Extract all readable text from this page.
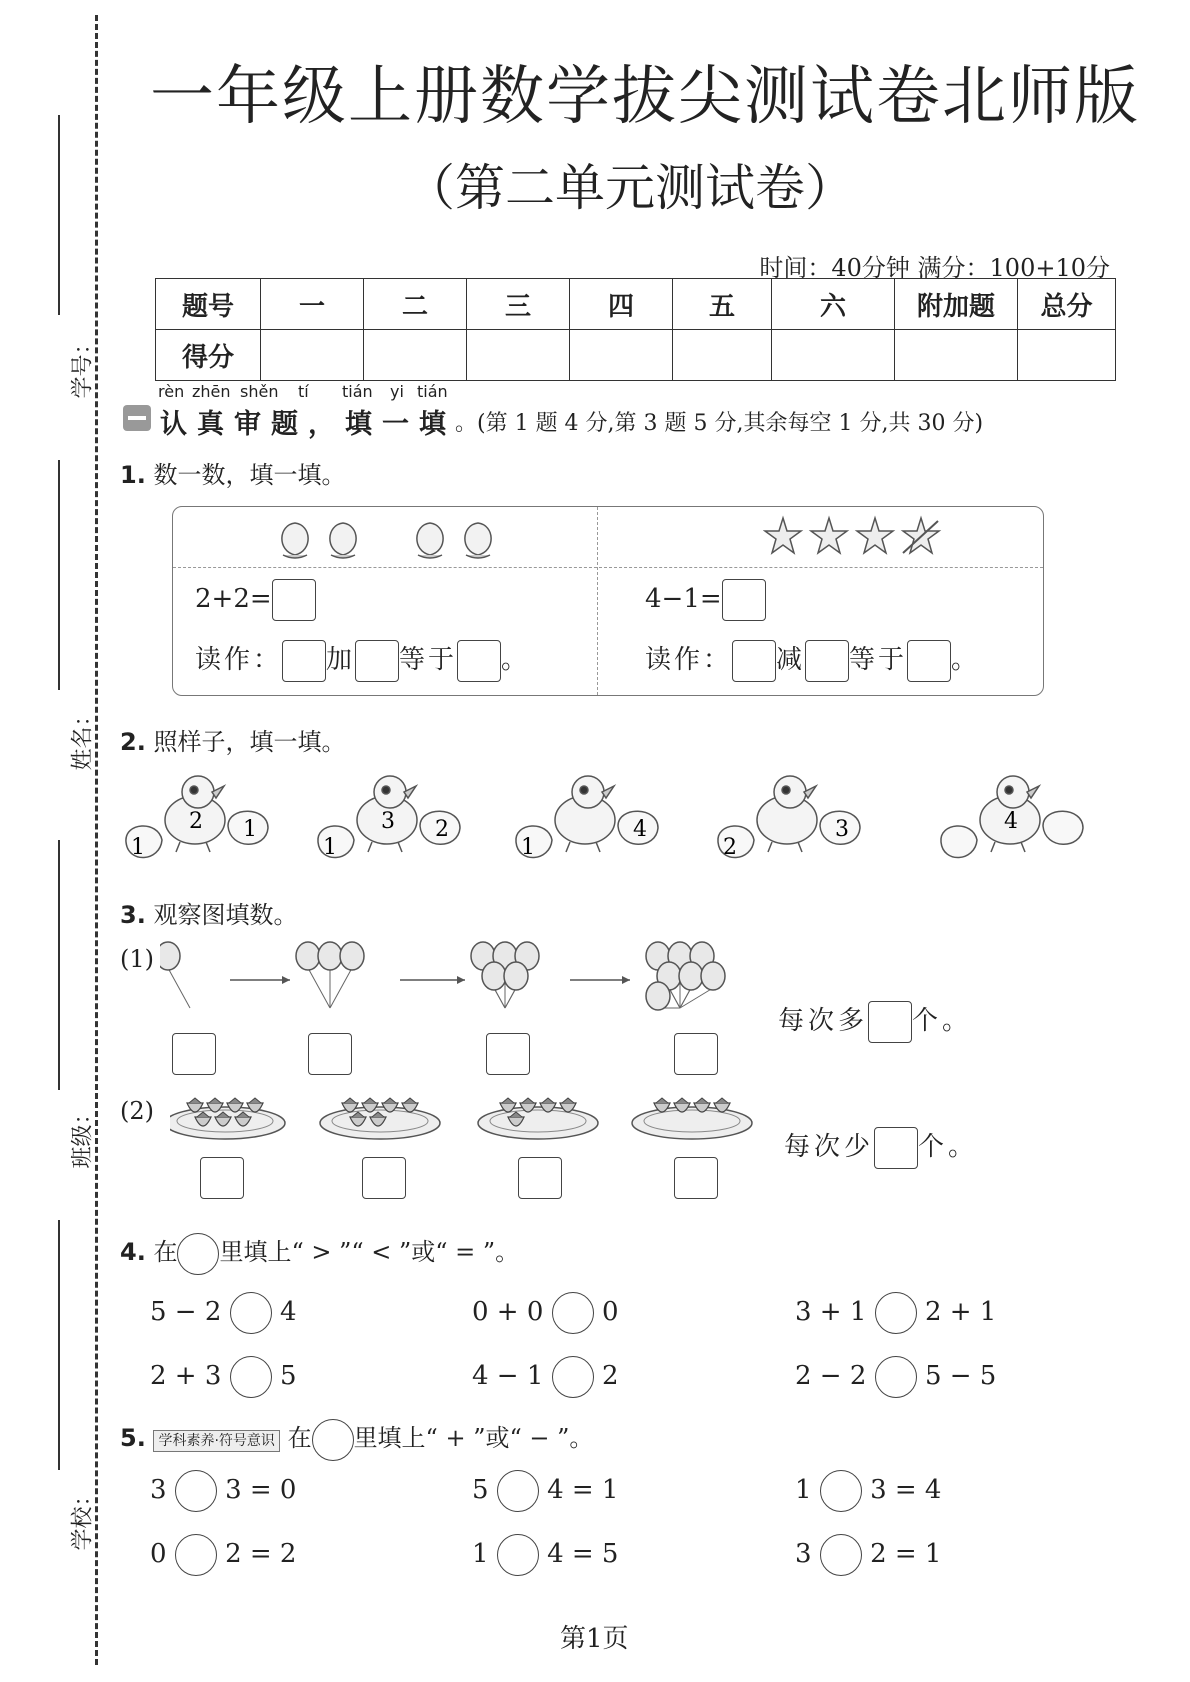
学号：
姓名：
班级：
学校：
一年级上册数学拔尖测试卷北师版
（第二单元测试卷）
时间：40分钟 满分：100+10分
题号	一	二	三	四	五	六	附加题	总分
得分								
rèn zhēn shěn tí tián yi tián
认真审题，填一填 。(第 1 题 4 分,第 3 题 5 分,其余每空 1 分,共 30 分)
1. 数一数，填一填。
2+2=
读作： 加 等于 。
4−1=
读作： 减 等于 。
2. 照样子，填一填。
2
1
1	3
1
2
1
4
2
3	4
3. 观察图填数。
(1)
每次多 个。
(2)
每次少 个。
4. 在 里填上“ > ”“ < ”或“ = ”。
5 − 2 4	0 + 0 0	3 + 1 2 + 1
2 + 3 5	4 − 1 2	2 − 2 5 − 5
5. 学科素养·符号意识 在 里填上“ + ”或“ − ”。
3 3 = 0	5 4 = 1	1 3 = 4
0 2 = 2	1 4 = 5	3 2 = 1
第1页
